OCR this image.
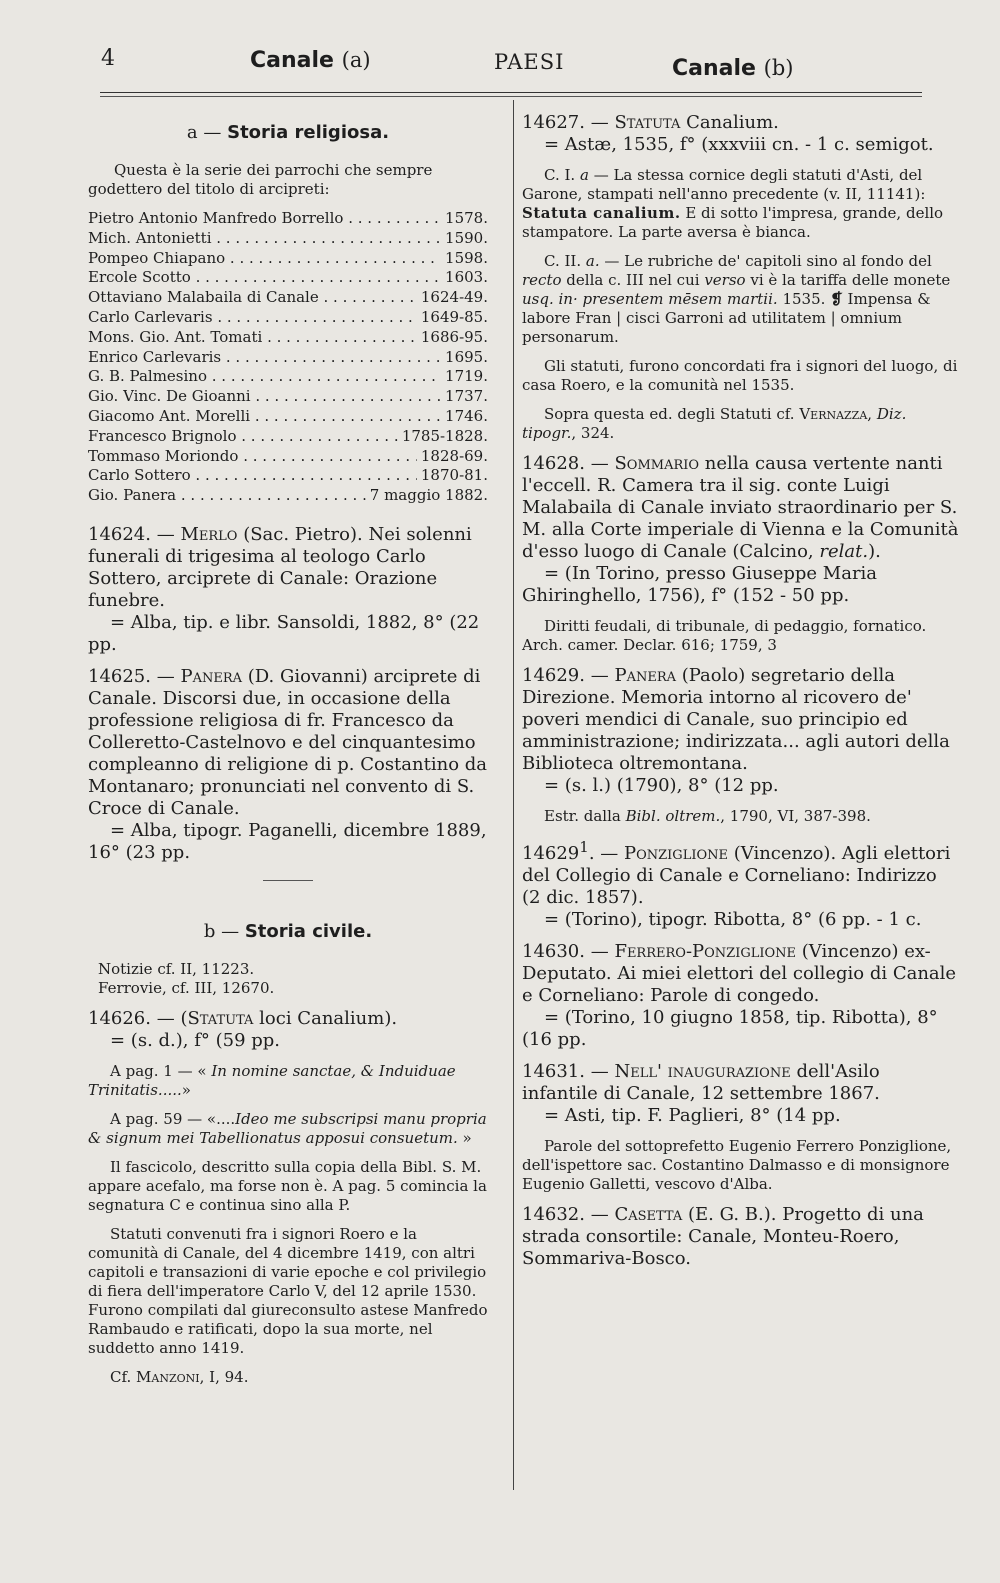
4	Canale (a)	PAESI	Canale (b)
a — Storia religiosa.

Questa è la serie dei parrochi che sempre godettero del titolo di arcipreti:

Pietro Antonio Manfredo Borrello . . .	1578.
Mich. Antonietti . . .	1590.
Pompeo Chiapano . . .	1598.
Ercole Scotto . . .	1603.
Ottaviano Malabaila di Canale . . .	1624-49.
Carlo Carlevaris . . .	1649-85.
Mons. Gio. Ant. Tomati . . .	1686-95.
Enrico Carlevaris . . .	1695.
G. B. Palmesino . . .	1719.
Gio. Vinc. De Gioanni . . .	1737.
Giacomo Ant. Morelli . . .	1746.
Francesco Brignolo . . .	1785-1828.
Tommaso Moriondo . . .	1828-69.
Carlo Sottero . . .	1870-81.
Gio. Panera . . .	7 maggio 1882.

14624. — Merlo (Sac. Pietro). Nei solenni funerali di trigesima al teologo Carlo Sottero, arciprete di Canale: Orazione funebre.

= Alba, tip. e libr. Sansoldi, 1882, 8° (22 pp.

14625. — Panera (D. Giovanni) arciprete di Canale. Discorsi due, in occasione della professione religiosa di fr. Francesco da Colleretto-Castelnovo e del cinquantesimo compleanno di religione di p. Costantino da Montanaro; pronunciati nel convento di S. Croce di Canale.

= Alba, tipogr. Paganelli, dicembre 1889, 16° (23 pp.

b — Storia civile.

Notizie cf. II, 11223.

Ferrovie, cf. III, 12670.

14626. — (Statuta loci Canalium).

= (s. d.), f° (59 pp.

A pag. 1 — « In nomine sanctae, & Induiduae Trinitatis.....»

A pag. 59 — «....Ideo me subscripsi manu propria & signum mei Tabellionatus apposui consuetum. »

Il fascicolo, descritto sulla copia della Bibl. S. M. appare acefalo, ma forse non è. A pag. 5 comincia la segnatura C e continua sino alla P.

Statuti convenuti fra i signori Roero e la comunità di Canale, del 4 dicembre 1419, con altri capitoli e transazioni di varie epoche e col privilegio di fiera dell'imperatore Carlo V, del 12 aprile 1530. Furono compilati dal giureconsulto astese Manfredo Rambaudo e ratificati, dopo la sua morte, nel suddetto anno 1419.

Cf. Manzoni, I, 94.

14627. — Statuta Canalium.

= Astæ, 1535, f° (xxxviii cn. - 1 c. semigot.

C. I. a — La stessa cornice degli statuti d'Asti, del Garone, stampati nell'anno precedente (v. II, 11141): Statuta canalium. E di sotto l'impresa, grande, dello stampatore. La parte aversa è bianca.

C. II. a. — Le rubriche de' capitoli sino al fondo del recto della c. III nel cui verso vi è la tariffa delle monete usq. in· presentem mēsem martii. 1535. ❡ Impensa & labore Fran | cisci Garroni ad utilitatem | omnium personarum.

Gli statuti, furono concordati fra i signori del luogo, di casa Roero, e la comunità nel 1535.

Sopra questa ed. degli Statuti cf. Vernazza, Diz. tipogr., 324.

14628. — Sommario nella causa vertente nanti l'eccell. R. Camera tra il sig. conte Luigi Malabaila di Canale inviato straordinario per S. M. alla Corte imperiale di Vienna e la Comunità d'esso luogo di Canale (Calcino, relat.).

= (In Torino, presso Giuseppe Maria Ghiringhello, 1756), f° (152 - 50 pp.

Diritti feudali, di tribunale, di pedaggio, fornatico. Arch. camer. Declar. 616; 1759, 3

14629. — Panera (Paolo) segretario della Direzione. Memoria intorno al ricovero de' poveri mendici di Canale, suo principio ed amministrazione; indirizzata... agli autori della Biblioteca oltremontana.

= (s. l.) (1790), 8° (12 pp.

Estr. dalla Bibl. oltrem., 1790, VI, 387-398.

14629$^1$. — Ponziglione (Vincenzo). Agli elettori del Collegio di Canale e Corneliano: Indirizzo (2 dic. 1857).

= (Torino), tipogr. Ribotta, 8° (6 pp. - 1 c.

14630. — Ferrero-Ponziglione (Vincenzo) ex-Deputato. Ai miei elettori del collegio di Canale e Corneliano: Parole di congedo.

= (Torino, 10 giugno 1858, tip. Ribotta), 8° (16 pp.

14631. — Nell' inaugurazione dell'Asilo infantile di Canale, 12 settembre 1867.

= Asti, tip. F. Paglieri, 8° (14 pp.

Parole del sottoprefetto Eugenio Ferrero Ponziglione, dell'ispettore sac. Costantino Dalmasso e di monsignore Eugenio Galletti, vescovo d'Alba.

14632. — Casetta (E. G. B.). Progetto di una strada consortile: Canale, Monteu-Roero, Sommariva-Bosco.
